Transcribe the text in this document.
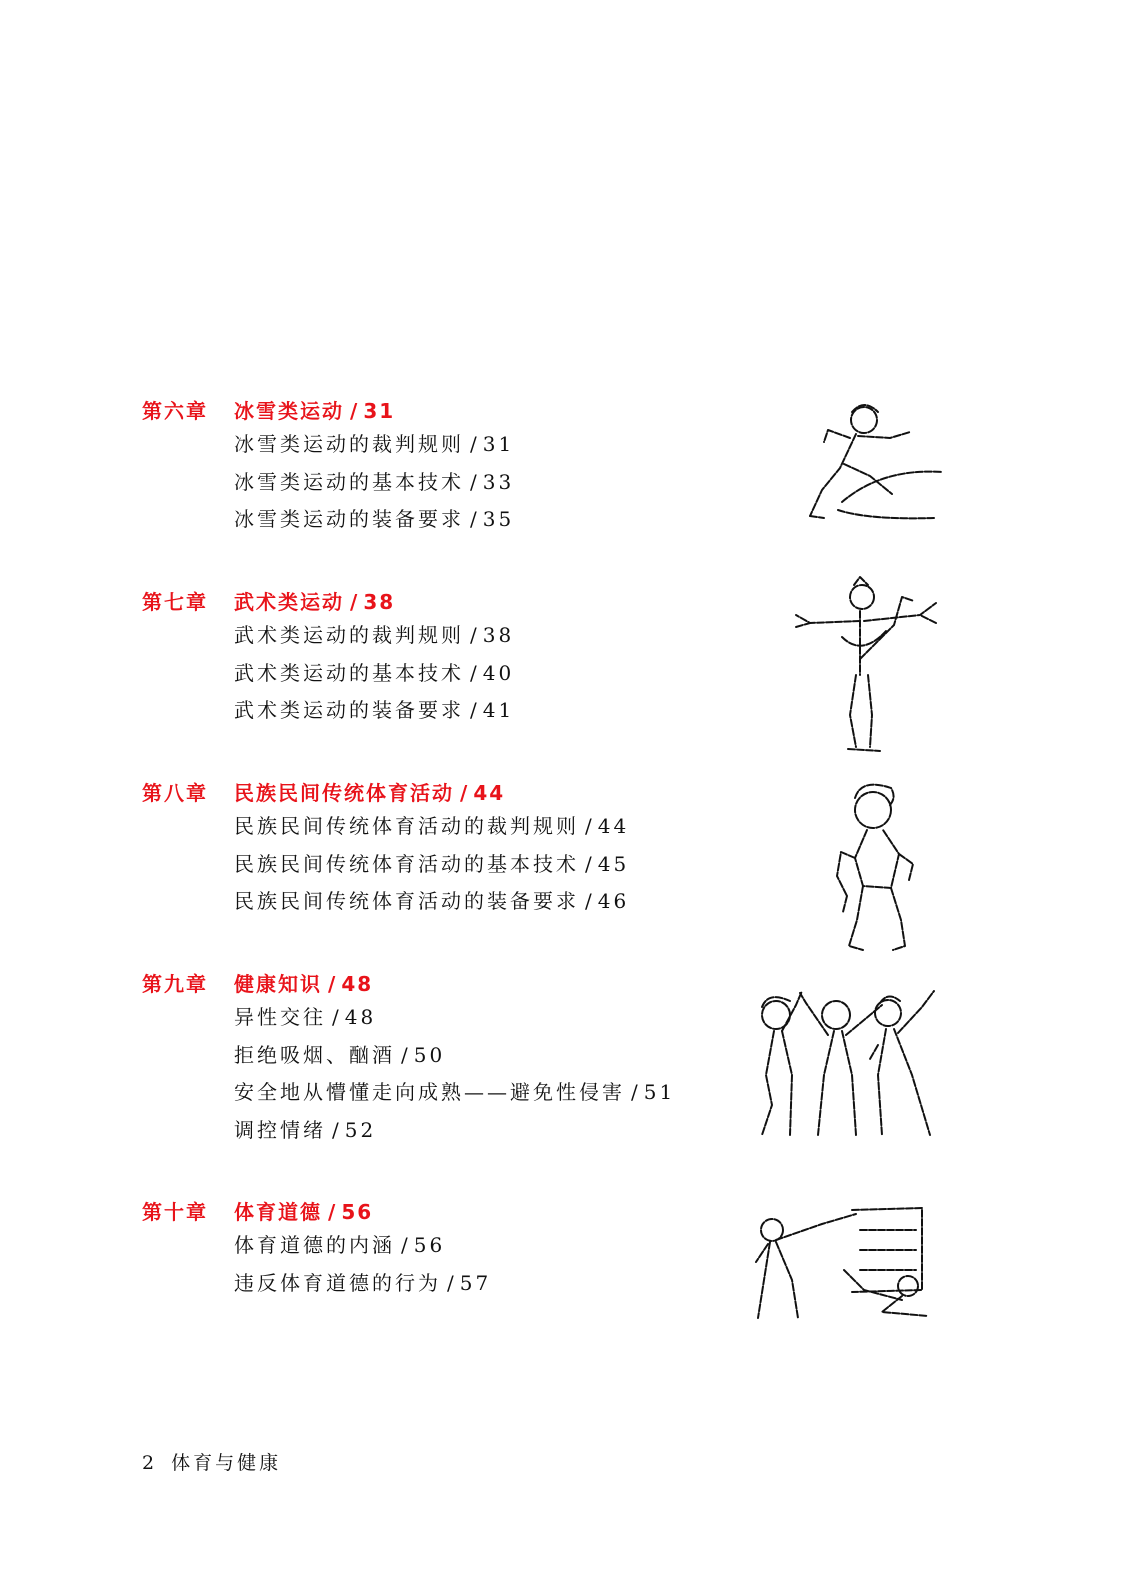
第六章 冰雪类运动 / 31
冰雪类运动的裁判规则 / 31
冰雪类运动的基本技术 / 33
冰雪类运动的装备要求 / 35
第七章 武术类运动 / 38
武术类运动的裁判规则 / 38
武术类运动的基本技术 / 40
武术类运动的装备要求 / 41
第八章 民族民间传统体育活动 / 44
民族民间传统体育活动的裁判规则 / 44
民族民间传统体育活动的基本技术 / 45
民族民间传统体育活动的装备要求 / 46
第九章 健康知识 / 48
异性交往 / 48
拒绝吸烟、酗酒 / 50
安全地从懵懂走向成熟——避免性侵害 / 51
调控情绪 / 52
第十章 体育道德 / 56
体育道德的内涵 / 56
违反体育道德的行为 / 57
2 体育与健康
